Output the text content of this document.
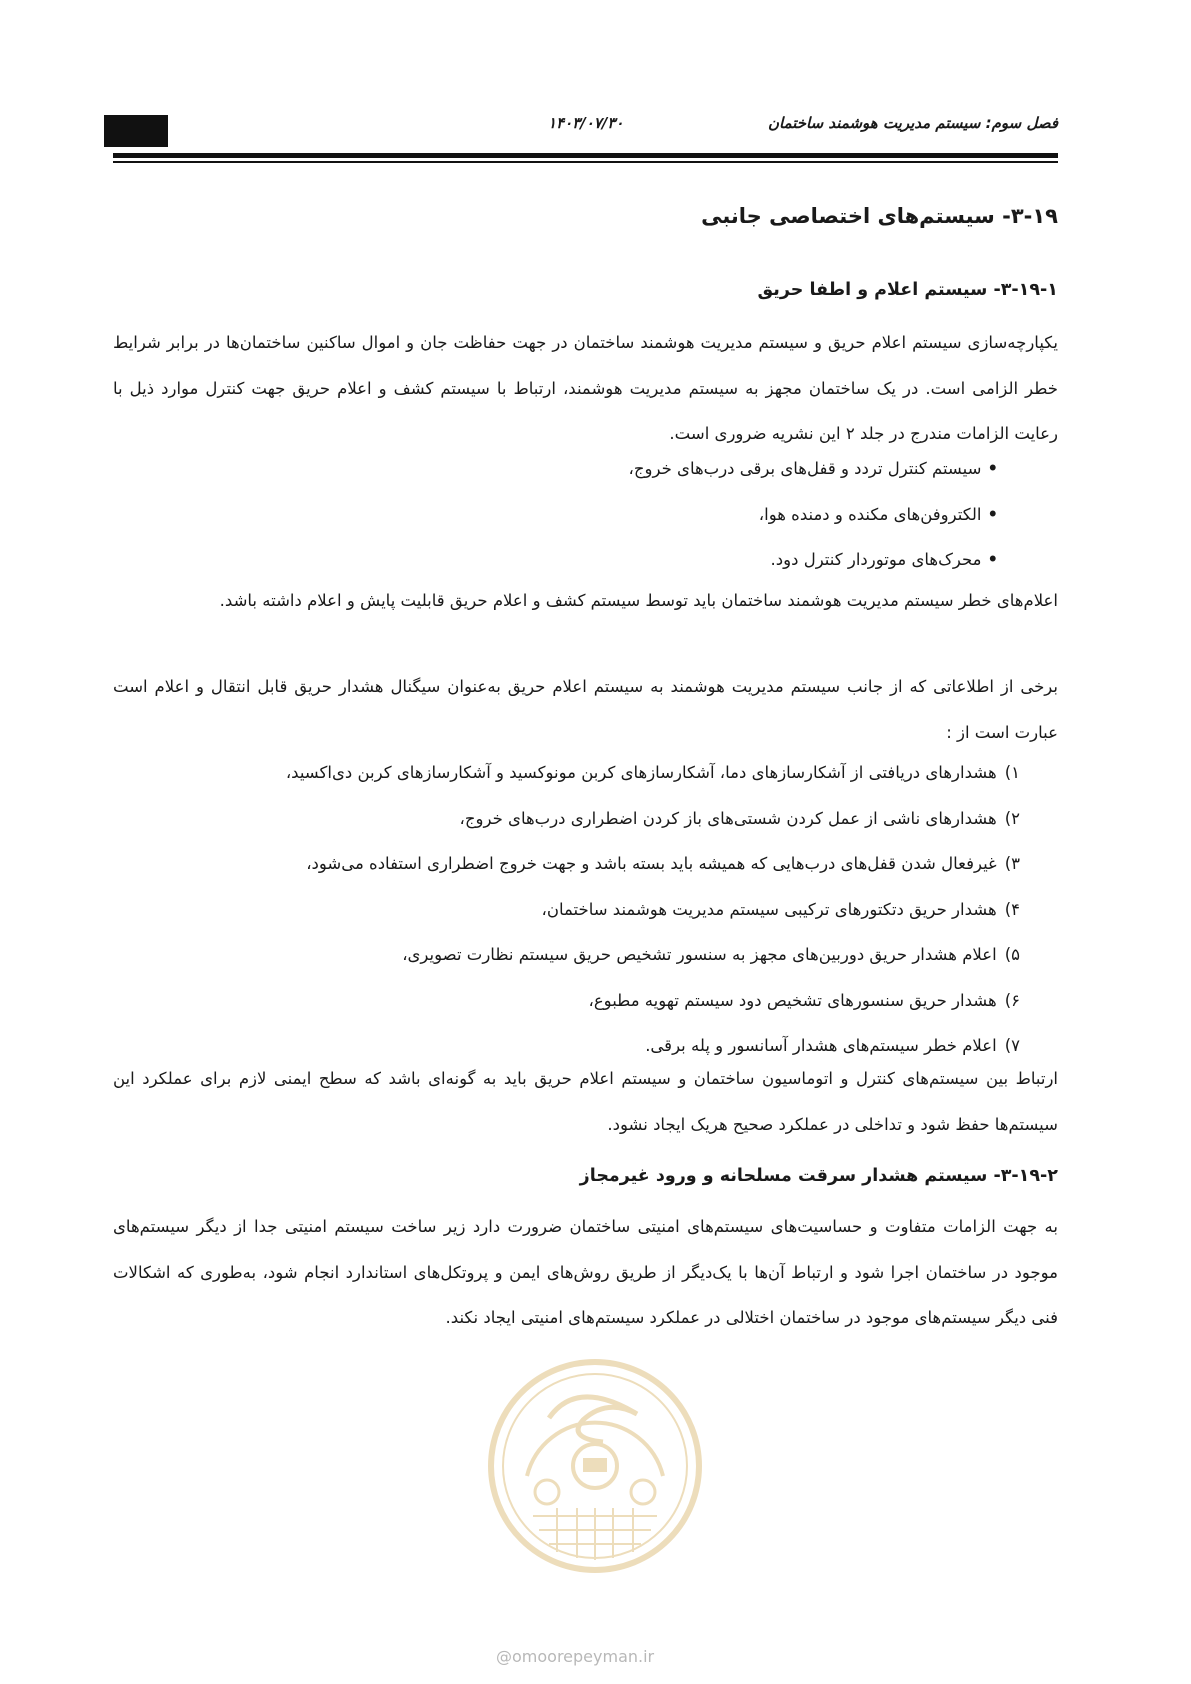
۱۴۰۳/۰۷/۳۰	فصل سوم: سیستم مدیریت هوشمند ساختمان
۳-۱۹- سیستم‌های اختصاصی جانبی
۳-۱۹-۱- سیستم اعلام و اطفا حریق

یکپارچه‌سازی سیستم اعلام حریق و سیستم مدیریت هوشمند ساختمان در جهت حفاظت جان و اموال ساکنین ساختمان‌ها در برابر شرایط خطر الزامی است. در یک ساختمان مجهز به سیستم مدیریت هوشمند، ارتباط با سیستم کشف و اعلام حریق جهت کنترل موارد ذیل با رعایت الزامات مندرج در جلد ۲ این نشریه ضروری است.

•سیستم کنترل تردد و قفل‌های برقی درب‌های خروج،
•الکتروفن‌های مکنده و دمنده هوا،
•محرک‌های موتوردار کنترل دود.

اعلام‌های خطر سیستم مدیریت هوشمند ساختمان باید توسط سیستم کشف و اعلام حریق قابلیت پایش و اعلام داشته باشد.

برخی از اطلاعاتی که از جانب سیستم مدیریت هوشمند به سیستم اعلام حریق به‌عنوان سیگنال هشدار حریق قابل انتقال و اعلام است عبارت است از :

۱)هشدارهای دریافتی از آشکارسازهای دما، آشکارسازهای کربن مونوکسید و آشکارسازهای کربن دی‌اکسید،
۲)هشدارهای ناشی از عمل کردن شستی‌های باز کردن اضطراری درب‌های خروج،
۳)غیرفعال شدن قفل‌های درب‌هایی که همیشه باید بسته باشد و جهت خروج اضطراری استفاده می‌شود،
۴)هشدار حریق دتکتورهای ترکیبی سیستم مدیریت هوشمند ساختمان،
۵)اعلام هشدار حریق دوربین‌های مجهز به سنسور تشخیص حریق سیستم نظارت تصویری،
۶)هشدار حریق سنسورهای تشخیص دود سیستم تهویه مطبوع،
۷)اعلام خطر سیستم‌های هشدار آسانسور و پله برقی.

ارتباط بین سیستم‌های کنترل و اتوماسیون ساختمان و سیستم اعلام حریق باید به گونه‌ای باشد که سطح ایمنی لازم برای عملکرد این سیستم‌ها حفظ شود و تداخلی در عملکرد صحیح هریک ایجاد نشود.

۳-۱۹-۲- سیستم هشدار سرقت مسلحانه و ورود غیرمجاز

به جهت الزامات متفاوت و حساسیت‌های سیستم‌های امنیتی ساختمان ضرورت دارد زیر ساخت سیستم امنیتی جدا از دیگر سیستم‌های موجود در ساختمان اجرا شود و ارتباط آن‌ها با یک‌دیگر از طریق روش‌های ایمن و پروتکل‌های استاندارد انجام شود، به‌طوری که اشکالات فنی دیگر سیستم‌های موجود در ساختمان اختلالی در عملکرد سیستم‌های امنیتی ایجاد نکند.

@omoorepeyman.ir
